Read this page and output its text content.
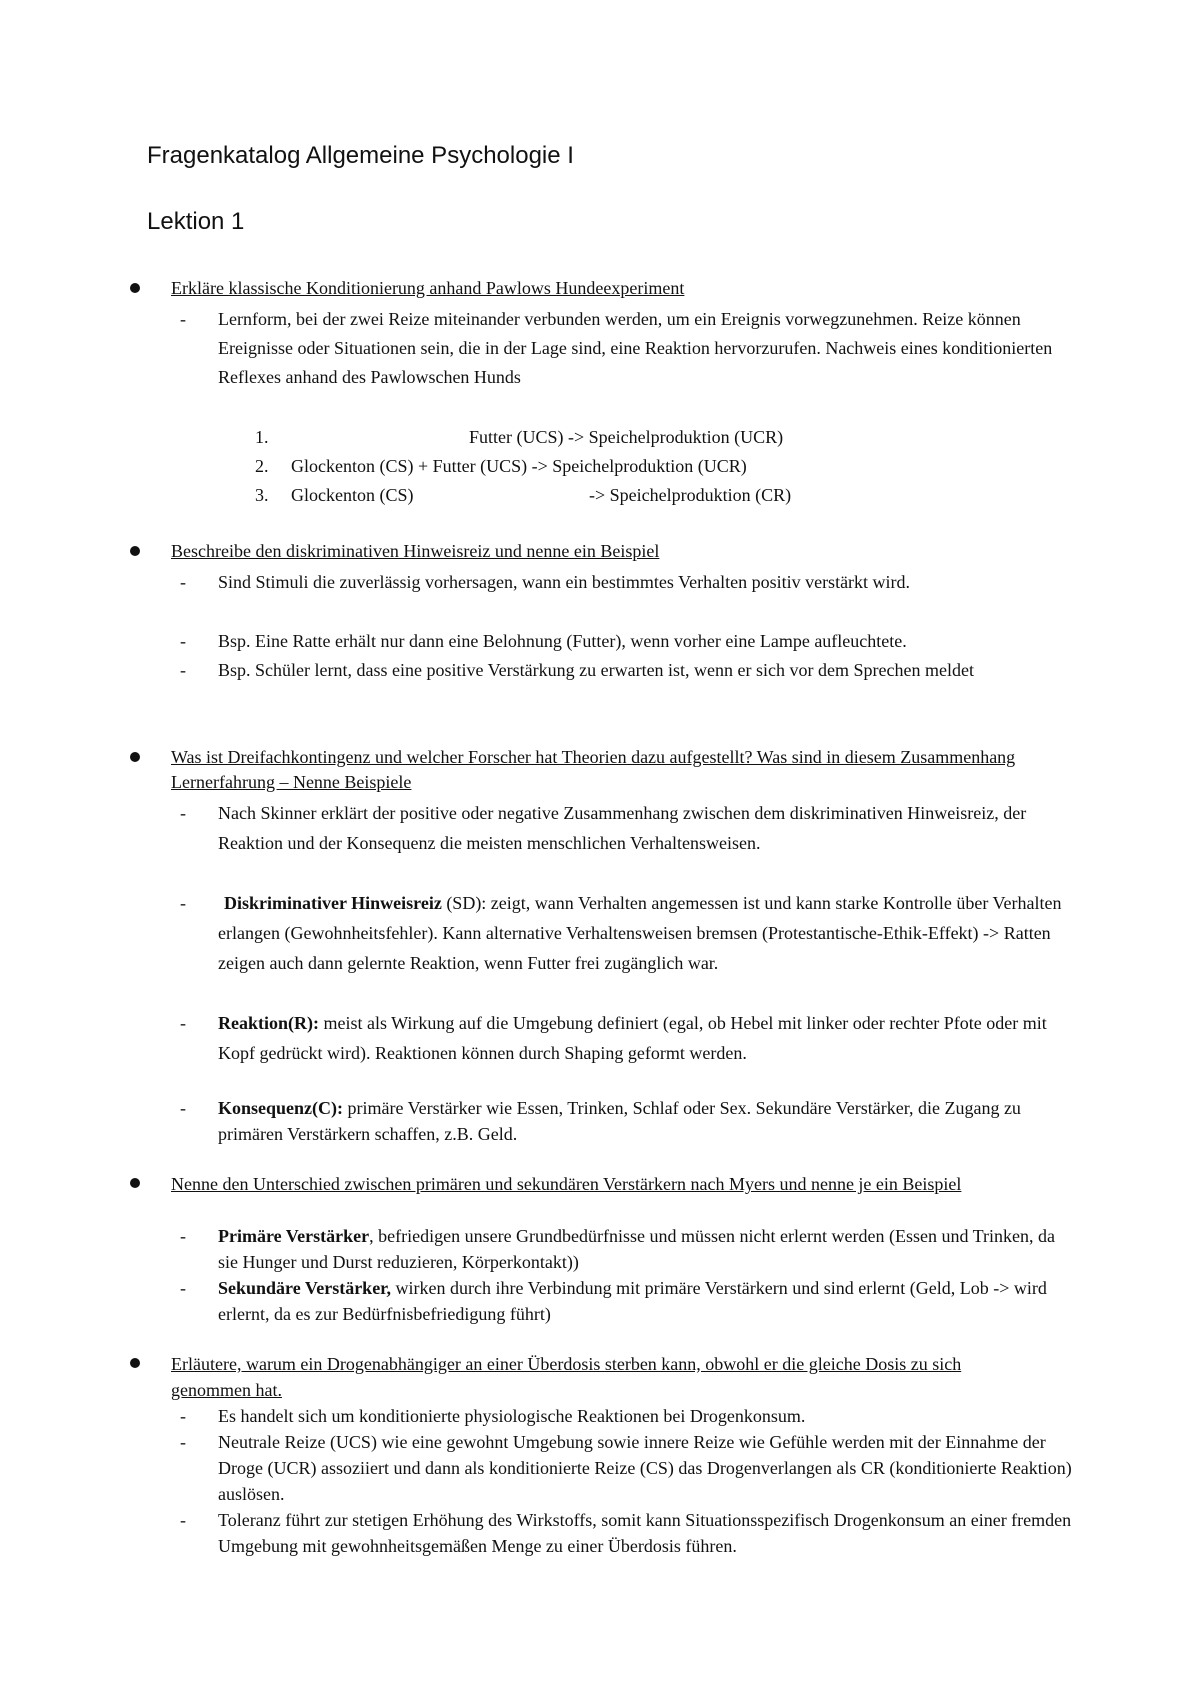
Fragenkatalog Allgemeine Psychologie I
Lektion 1
Erkläre klassische Konditionierung anhand Pawlows Hundeexperiment
- Lernform, bei der zwei Reize miteinander verbunden werden, um ein Ereignis vorwegzunehmen. Reize können Ereignisse oder Situationen sein, die in der Lage sind, eine Reaktion hervorzurufen. Nachweis eines konditionierten Reflexes anhand des Pawlowschen Hunds
1.	Futter (UCS) -> Speichelproduktion (UCR)
2. Glockenton (CS) + Futter (UCS) -> Speichelproduktion (UCR)
3. Glockenton (CS)	-> Speichelproduktion (CR)
Beschreibe den diskriminativen Hinweisreiz und nenne ein Beispiel
- Sind Stimuli die zuverlässig vorhersagen, wann ein bestimmtes Verhalten positiv verstärkt wird.
- Bsp. Eine Ratte erhält nur dann eine Belohnung (Futter), wenn vorher eine Lampe aufleuchtete.
- Bsp. Schüler lernt, dass eine positive Verstärkung zu erwarten ist, wenn er sich vor dem Sprechen meldet
Was ist Dreifachkontingenz und welcher Forscher hat Theorien dazu aufgestellt? Was sind in diesem Zusammenhang Lernerfahrung – Nenne Beispiele
- Nach Skinner erklärt der positive oder negative Zusammenhang zwischen dem diskriminativen Hinweisreiz, der Reaktion und der Konsequenz die meisten menschlichen Verhaltensweisen.
-	Diskriminativer Hinweisreiz (SD): zeigt, wann Verhalten angemessen ist und kann starke Kontrolle über Verhalten erlangen (Gewohnheitsfehler). Kann alternative Verhaltensweisen bremsen (Protestantische-Ethik-Effekt) -> Ratten zeigen auch dann gelernte Reaktion, wenn Futter frei zugänglich war.
- Reaktion(R): meist als Wirkung auf die Umgebung definiert (egal, ob Hebel mit linker oder rechter Pfote oder mit Kopf gedrückt wird). Reaktionen können durch Shaping geformt werden.
- Konsequenz(C): primäre Verstärker wie Essen, Trinken, Schlaf oder Sex. Sekundäre Verstärker, die Zugang zu primären Verstärkern schaffen, z.B. Geld.
Nenne den Unterschied zwischen primären und sekundären Verstärkern nach Myers und nenne je ein Beispiel
- Primäre Verstärker, befriedigen unsere Grundbedürfnisse und müssen nicht erlernt werden (Essen und Trinken, da sie Hunger und Durst reduzieren, Körperkontakt))
- Sekundäre Verstärker, wirken durch ihre Verbindung mit primäre Verstärkern und sind erlernt (Geld, Lob -> wird erlernt, da es zur Bedürfnisbefriedigung führt)
Erläutere, warum ein Drogenabhängiger an einer Überdosis sterben kann, obwohl er die gleiche Dosis zu sich genommen hat.
- Es handelt sich um konditionierte physiologische Reaktionen bei Drogenkonsum.
- Neutrale Reize (UCS) wie eine gewohnt Umgebung sowie innere Reize wie Gefühle werden mit der Einnahme der Droge (UCR) assoziiert und dann als konditionierte Reize (CS) das Drogenverlangen als CR (konditionierte Reaktion) auslösen.
- Toleranz führt zur stetigen Erhöhung des Wirkstoffs, somit kann Situationsspezifisch Drogenkonsum an einer fremden Umgebung mit gewohnheitsgemäßen Menge zu einer Überdosis führen.
